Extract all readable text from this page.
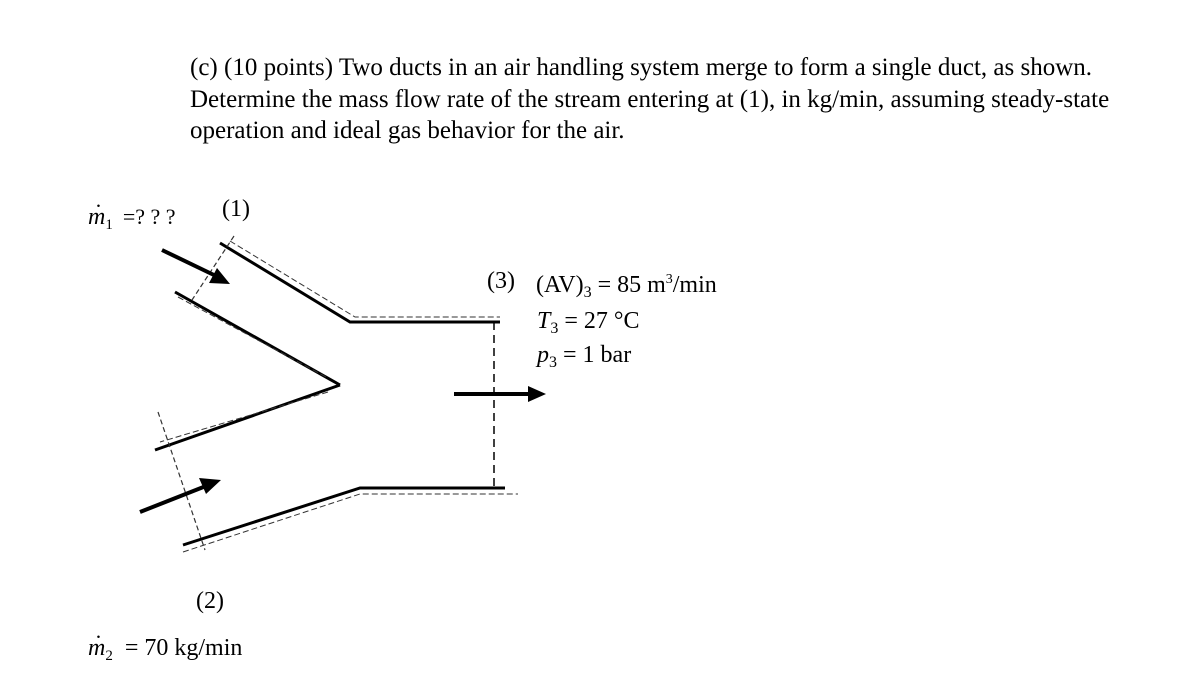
(c) (10 points) Two ducts in an air handling system merge to form a single duct, as shown. Determine the mass flow rate of the stream entering at (1), in kg/min, assuming steady-state operation and ideal gas behavior for the air.

· $m_1$ =? ? ? (1)
(2)
· $m_2 = 70$ kg/min
(3) $(AV)_3 = 85$ $m^3/\min$
$T_3 = 27$ °C
$p_3 = 1$ bar
